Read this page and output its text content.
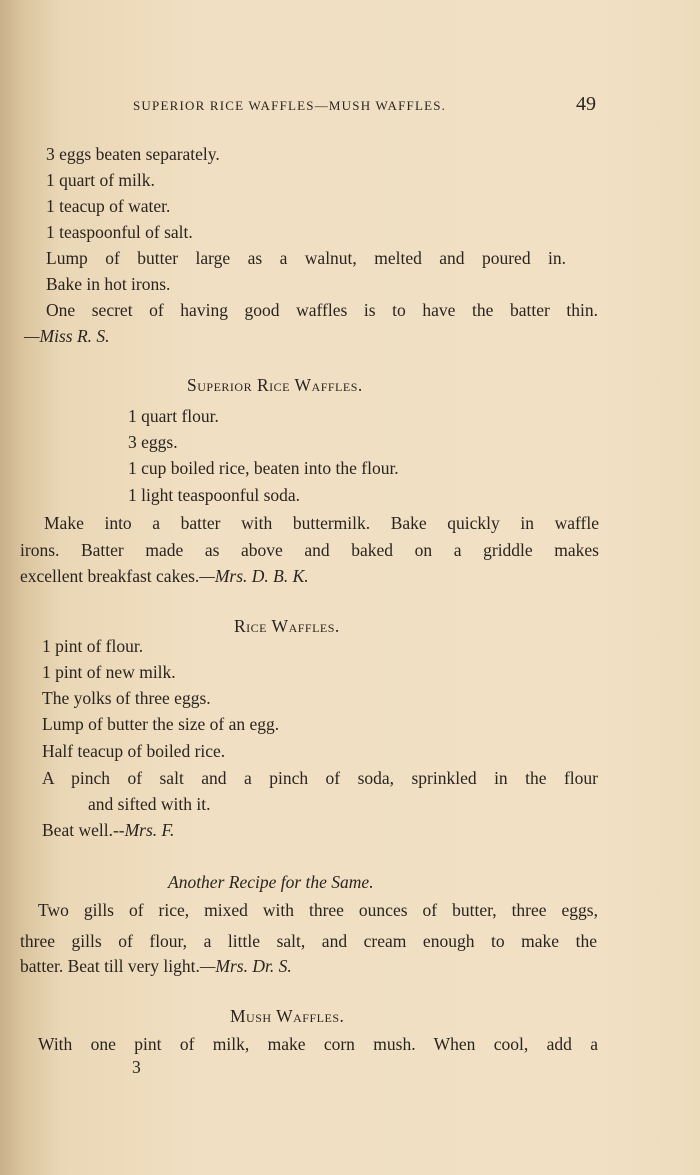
SUPERIOR RICE WAFFLES—MUSH WAFFLES.	49
3 eggs beaten separately.
1 quart of milk.
1 teacup of water.
1 teaspoonful of salt.
Lump of butter large as a walnut, melted and poured in.
Bake in hot irons.
One secret of having good waffles is to have the batter thin.
—Miss R. S.
Superior Rice Waffles.
1 quart flour.
3 eggs.
1 cup boiled rice, beaten into the flour.
1 light teaspoonful soda.
Make into a batter with buttermilk. Bake quickly in waffle
irons. Batter made as above and baked on a griddle makes
excellent breakfast cakes.—Mrs. D. B. K.
Rice Waffles.
1 pint of flour.
1 pint of new milk.
The yolks of three eggs.
Lump of butter the size of an egg.
Half teacup of boiled rice.
A pinch of salt and a pinch of soda, sprinkled in the flour
and sifted with it.
Beat well.--Mrs. F.
Another Recipe for the Same.
Two gills of rice, mixed with three ounces of butter, three eggs,
three gills of flour, a little salt, and cream enough to make the
batter. Beat till very light.—Mrs. Dr. S.
Mush Waffles.
With one pint of milk, make corn mush. When cool, add a
3
